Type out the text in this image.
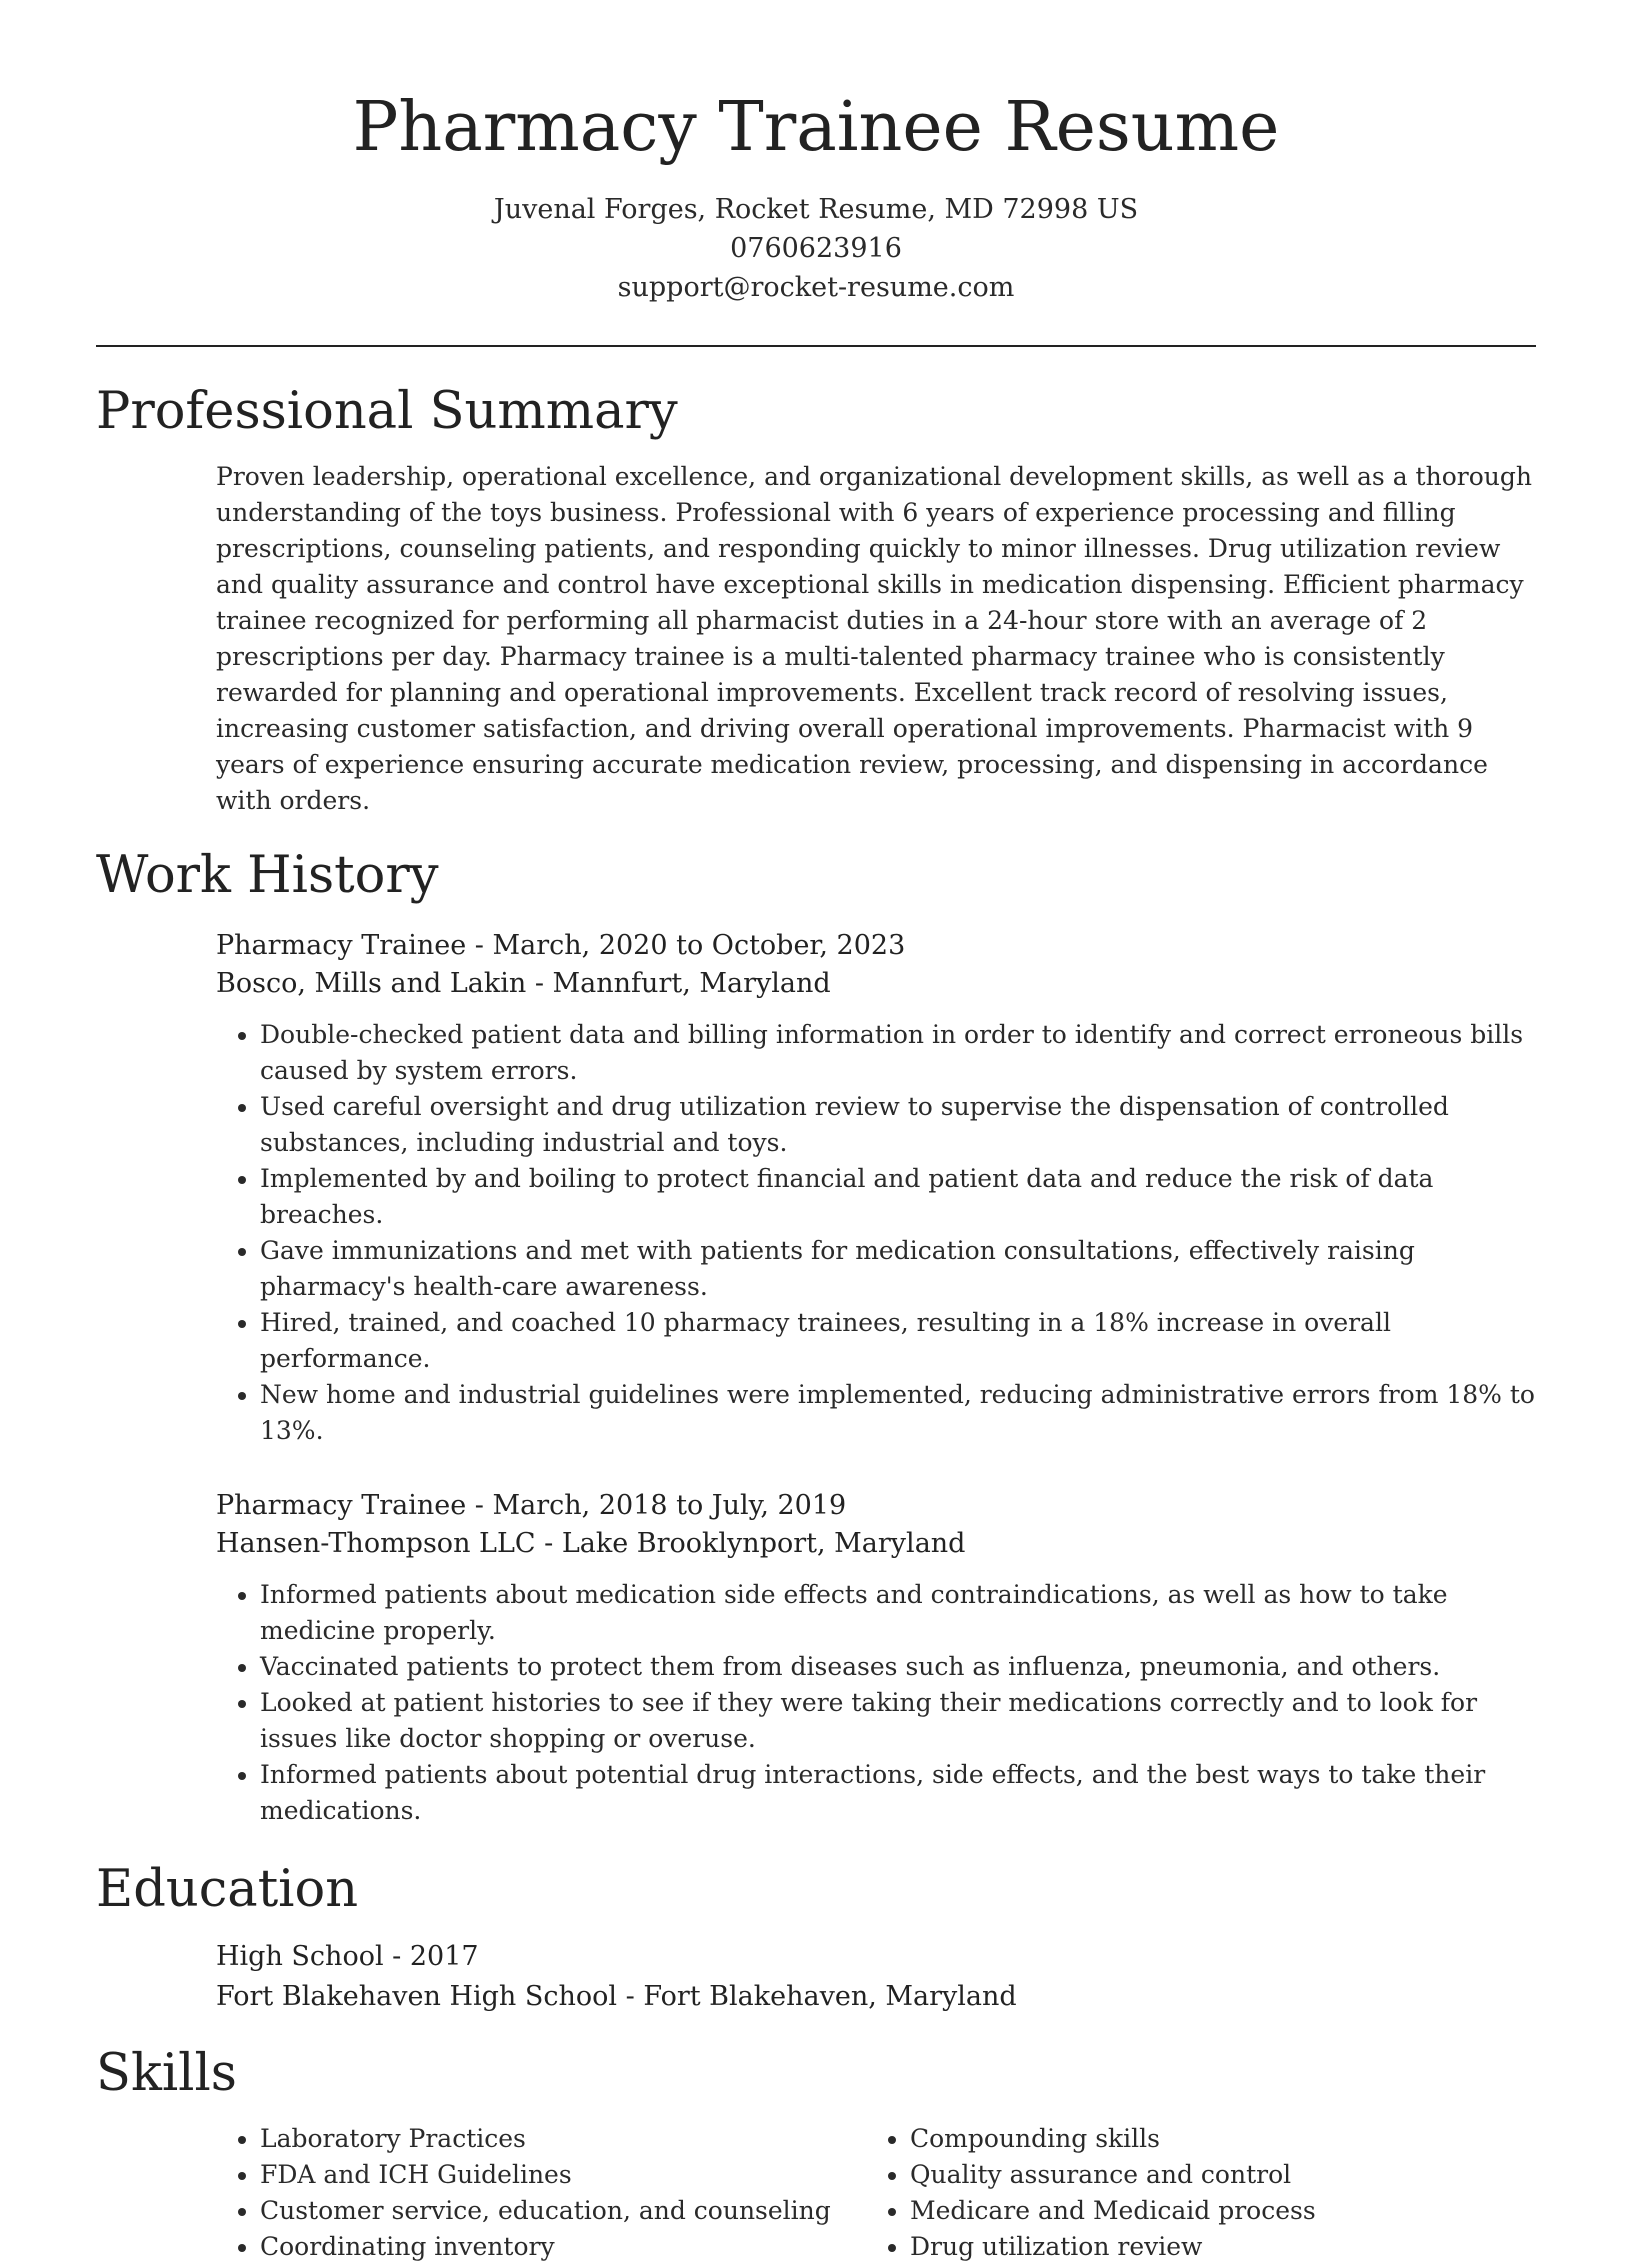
Pharmacy Trainee Resume
Juvenal Forges, Rocket Resume, MD 72998 US
0760623916
support@rocket-resume.com
Professional Summary

Proven leadership, operational excellence, and organizational development skills, as well as a thorough understanding of the toys business. Professional with 6 years of experience processing and filling prescriptions, counseling patients, and responding quickly to minor illnesses. Drug utilization review and quality assurance and control have exceptional skills in medication dispensing. Efficient pharmacy trainee recognized for performing all pharmacist duties in a 24-hour store with an average of 2 prescriptions per day. Pharmacy trainee is a multi-talented pharmacy trainee who is consistently rewarded for planning and operational improvements. Excellent track record of resolving issues, increasing customer satisfaction, and driving overall operational improvements. Pharmacist with 9 years of experience ensuring accurate medication review, processing, and dispensing in accordance with orders.

Work History
Pharmacy Trainee - March, 2020 to October, 2023
Bosco, Mills and Lakin - Mannfurt, Maryland
• Double-checked patient data and billing information in order to identify and correct erroneous bills caused by system errors.
• Used careful oversight and drug utilization review to supervise the dispensation of controlled substances, including industrial and toys.
• Implemented by and boiling to protect financial and patient data and reduce the risk of data breaches.
• Gave immunizations and met with patients for medication consultations, effectively raising pharmacy's health-care awareness.
• Hired, trained, and coached 10 pharmacy trainees, resulting in a 18% increase in overall performance.
• New home and industrial guidelines were implemented, reducing administrative errors from 18% to 13%.
Pharmacy Trainee - March, 2018 to July, 2019
Hansen-Thompson LLC - Lake Brooklynport, Maryland
• Informed patients about medication side effects and contraindications, as well as how to take medicine properly.
• Vaccinated patients to protect them from diseases such as influenza, pneumonia, and others.
• Looked at patient histories to see if they were taking their medications correctly and to look for issues like doctor shopping or overuse.
• Informed patients about potential drug interactions, side effects, and the best ways to take their medications.
Education
High School - 2017
Fort Blakehaven High School - Fort Blakehaven, Maryland
Skills
• Laboratory Practices
• FDA and ICH Guidelines
• Customer service, education, and counseling
• Coordinating inventory
• Compounding skills
• Quality assurance and control
• Medicare and Medicaid process
• Drug utilization review
